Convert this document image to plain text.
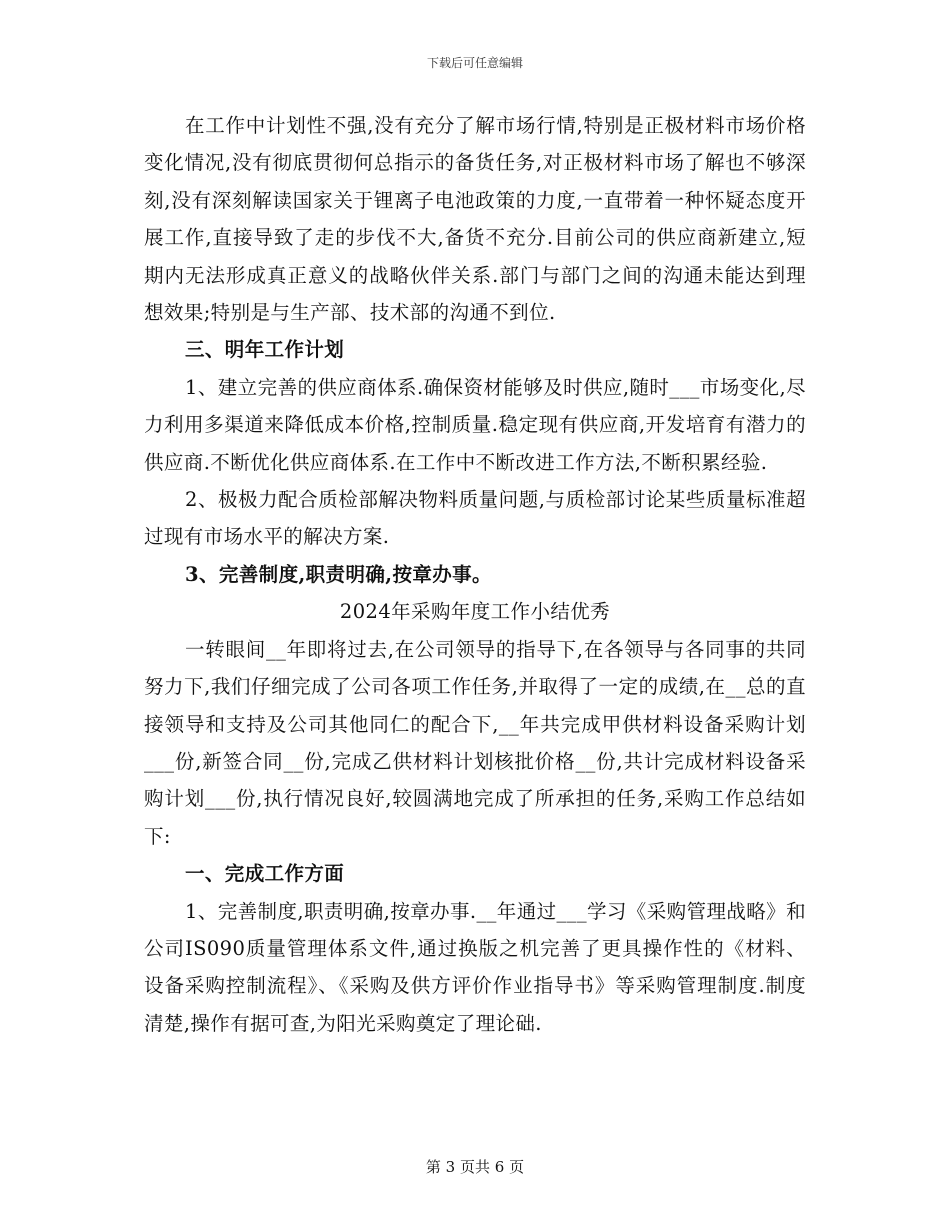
下载后可任意编辑

在工作中计划性不强,没有充分了解市场行情,特别是正极材料市场价格变化情况,没有彻底贯彻何总指示的备货任务,对正极材料市场了解也不够深刻,没有深刻解读国家关于锂离子电池政策的力度,一直带着一种怀疑态度开展工作,直接导致了走的步伐不大,备货不充分.目前公司的供应商新建立,短期内无法形成真正意义的战略伙伴关系.部门与部门之间的沟通未能达到理想效果;特别是与生产部、技术部的沟通不到位.

三、明年工作计划

1、建立完善的供应商体系.确保资材能够及时供应,随时___市场变化,尽力利用多渠道来降低成本价格,控制质量.稳定现有供应商,开发培育有潜力的供应商.不断优化供应商体系.在工作中不断改进工作方法,不断积累经验.

2、极极力配合质检部解决物料质量问题,与质检部讨论某些质量标准超过现有市场水平的解决方案.

3、完善制度,职责明确,按章办事。

2024年采购年度工作小结优秀

一转眼间__年即将过去,在公司领导的指导下,在各领导与各同事的共同努力下,我们仔细完成了公司各项工作任务,并取得了一定的成绩,在__总的直接领导和支持及公司其他同仁的配合下,__年共完成甲供材料设备采购计划___份,新签合同__份,完成乙供材料计划核批价格__份,共计完成材料设备采购计划___份,执行情况良好,较圆满地完成了所承担的任务,采购工作总结如下:

一、完成工作方面

1、完善制度,职责明确,按章办事.__年通过___学习《采购管理战略》和公司IS090质量管理体系文件,通过换版之机完善了更具操作性的《材料、设备采购控制流程》、《采购及供方评价作业指导书》等采购管理制度.制度清楚,操作有据可查,为阳光采购奠定了理论础.

第 3 页共 6 页
